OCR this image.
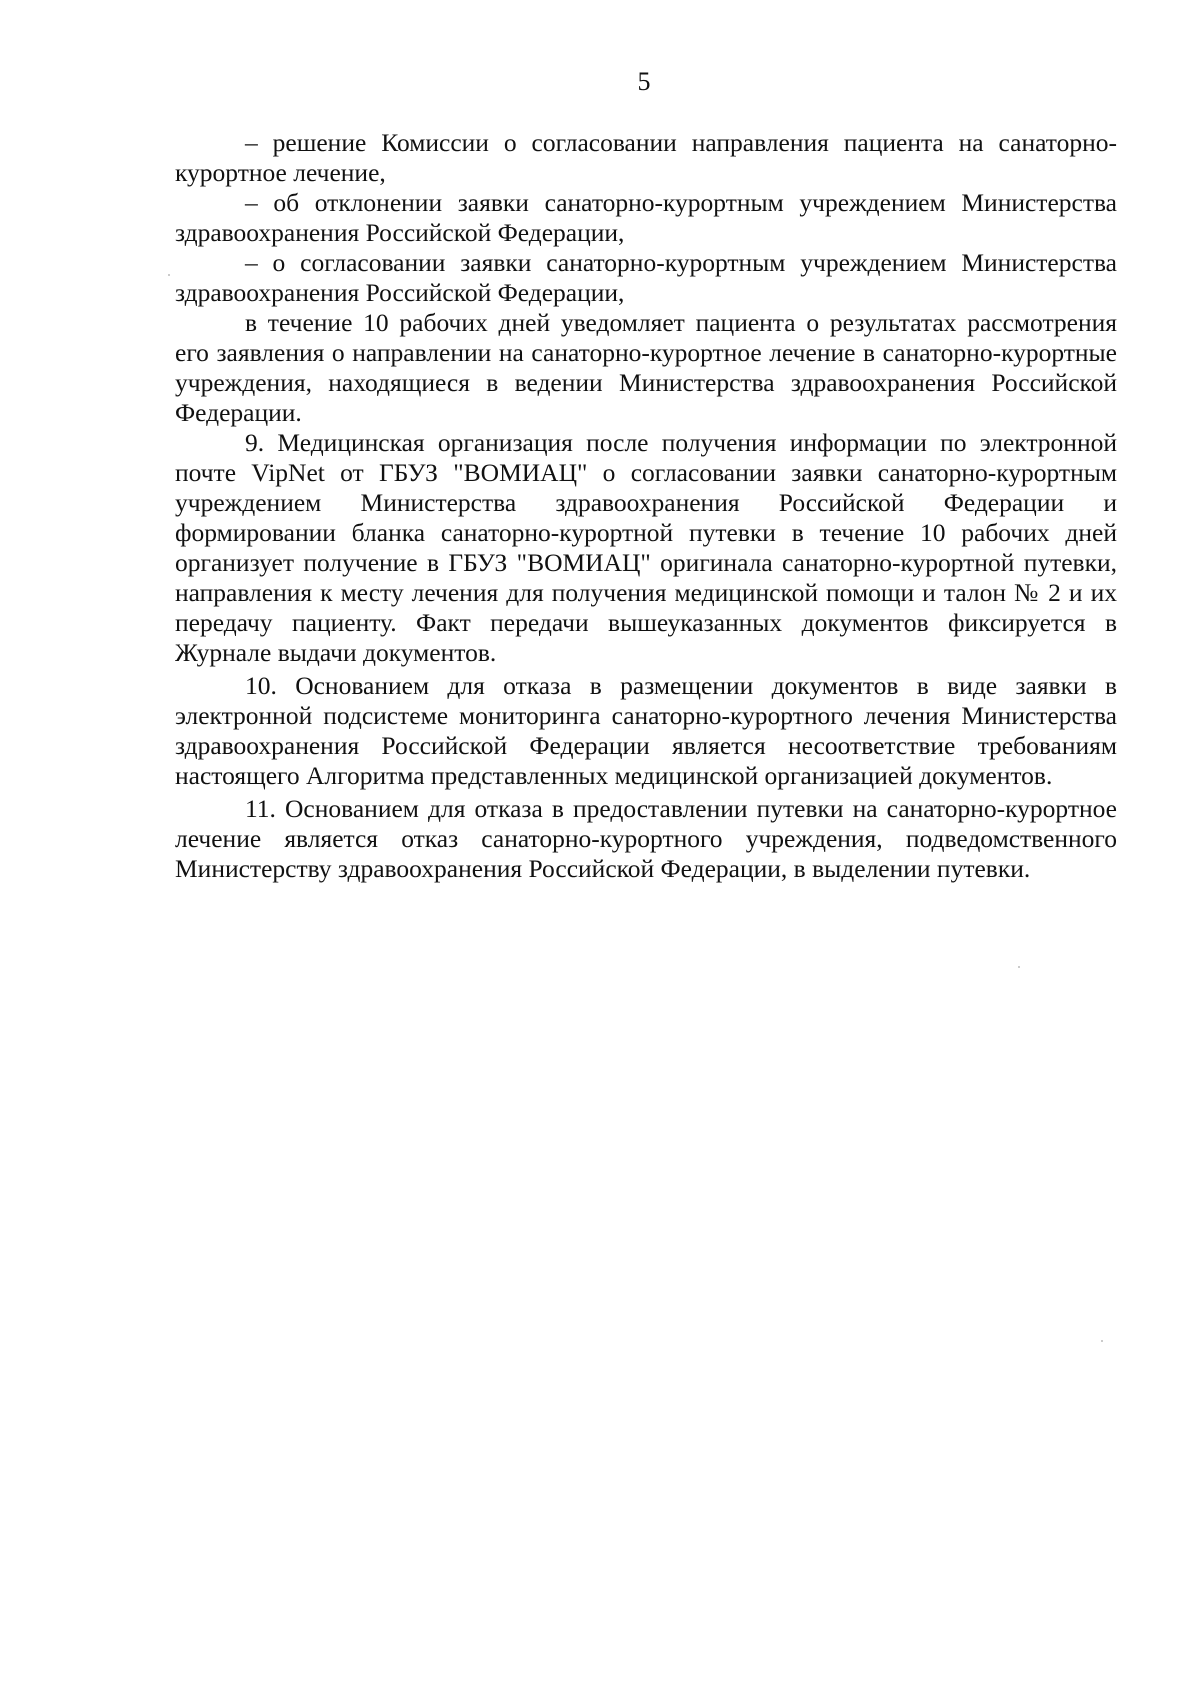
5

– решение Комиссии о согласовании направления пациента на санаторно-курортное лечение,

– об отклонении заявки санаторно-курортным учреждением Министерства здравоохранения Российской Федерации,

– о согласовании заявки санаторно-курортным учреждением Министерства здравоохранения Российской Федерации,

в течение 10 рабочих дней уведомляет пациента о результатах рассмотрения его заявления о направлении на санаторно-курортное лечение в санаторно-курортные учреждения, находящиеся в ведении Министерства здравоохранения Российской Федерации.

9. Медицинская организация после получения информации по электронной почте VipNet от ГБУЗ "ВОМИАЦ" о согласовании заявки санаторно-курортным учреждением Министерства здравоохранения Российской Федерации и формировании бланка санаторно-курортной путевки в течение 10 рабочих дней организует получение в ГБУЗ "ВОМИАЦ" оригинала санаторно-курортной путевки, направления к месту лечения для получения медицинской помощи и талон № 2 и их передачу пациенту. Факт передачи вышеуказанных документов фиксируется в Журнале выдачи документов.

10. Основанием для отказа в размещении документов в виде заявки в электронной подсистеме мониторинга санаторно-курортного лечения Министерства здравоохранения Российской Федерации является несоответствие требованиям настоящего Алгоритма представленных медицинской организацией документов.

11. Основанием для отказа в предоставлении путевки на санаторно-курортное лечение является отказ санаторно-курортного учреждения, подведомственного Министерству здравоохранения Российской Федерации, в выделении путевки.
